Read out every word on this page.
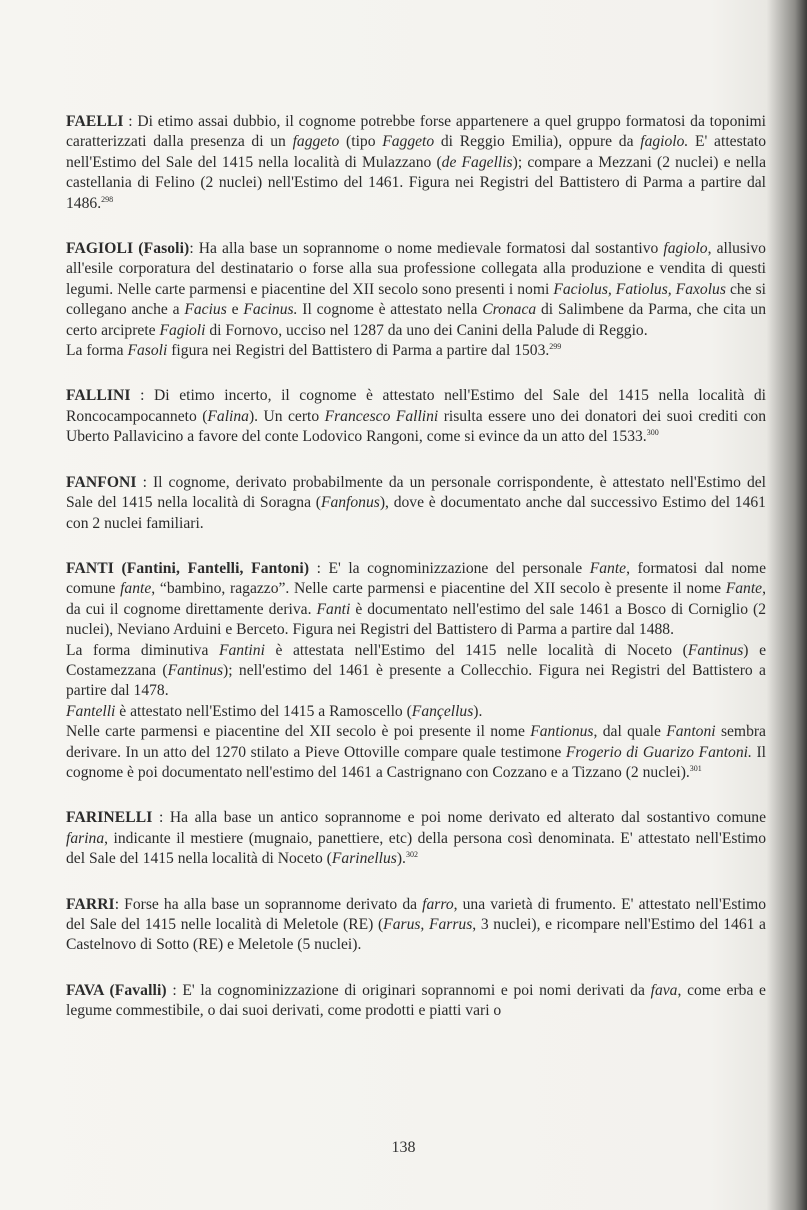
FAELLI : Di etimo assai dubbio, il cognome potrebbe forse appartenere a quel gruppo formatosi da toponimi caratterizzati dalla presenza di un faggeto (tipo Faggeto di Reggio Emilia), oppure da fagiolo. E' attestato nell'Estimo del Sale del 1415 nella località di Mulazzano (de Fagellis); compare a Mezzani (2 nuclei) e nella castellania di Felino (2 nuclei) nell'Estimo del 1461. Figura nei Registri del Battistero di Parma a partire dal 1486.$^{298}$

FAGIOLI (Fasoli): Ha alla base un soprannome o nome medievale formatosi dal sostantivo fagiolo, allusivo all'esile corporatura del destinatario o forse alla sua professione collegata alla produzione e vendita di questi legumi. Nelle carte parmensi e piacentine del XII secolo sono presenti i nomi Faciolus, Fatiolus, Faxolus che si collegano anche a Facius e Facinus. Il cognome è attestato nella Cronaca di Salimbene da Parma, che cita un certo arciprete Fagioli di Fornovo, ucciso nel 1287 da uno dei Canini della Palude di Reggio.

La forma Fasoli figura nei Registri del Battistero di Parma a partire dal 1503.$^{299}$

FALLINI : Di etimo incerto, il cognome è attestato nell'Estimo del Sale del 1415 nella località di Roncocampocanneto (Falina). Un certo Francesco Fallini risulta essere uno dei donatori dei suoi crediti con Uberto Pallavicino a favore del conte Lodovico Rangoni, come si evince da un atto del 1533.$^{300}$

FANFONI : Il cognome, derivato probabilmente da un personale corrispondente, è attestato nell'Estimo del Sale del 1415 nella località di Soragna (Fanfonus), dove è documentato anche dal successivo Estimo del 1461 con 2 nuclei familiari.

FANTI (Fantini, Fantelli, Fantoni) : E' la cognominizzazione del personale Fante, formatosi dal nome comune fante, “bambino, ragazzo”. Nelle carte parmensi e piacentine del XII secolo è presente il nome Fante, da cui il cognome direttamente deriva. Fanti è documentato nell'estimo del sale 1461 a Bosco di Corniglio (2 nuclei), Neviano Arduini e Berceto. Figura nei Registri del Battistero di Parma a partire dal 1488.

La forma diminutiva Fantini è attestata nell'Estimo del 1415 nelle località di Noceto (Fantinus) e Costamezzana (Fantinus); nell'estimo del 1461 è presente a Collecchio. Figura nei Registri del Battistero a partire dal 1478.

Fantelli è attestato nell'Estimo del 1415 a Ramoscello (Fançellus).

Nelle carte parmensi e piacentine del XII secolo è poi presente il nome Fantionus, dal quale Fantoni sembra derivare. In un atto del 1270 stilato a Pieve Ottoville compare quale testimone Frogerio di Guarizo Fantoni. Il cognome è poi documentato nell'estimo del 1461 a Castrignano con Cozzano e a Tizzano (2 nuclei).$^{301}$

FARINELLI : Ha alla base un antico soprannome e poi nome derivato ed alterato dal sostantivo comune farina, indicante il mestiere (mugnaio, panettiere, etc) della persona così denominata. E' attestato nell'Estimo del Sale del 1415 nella località di Noceto (Farinellus).$^{302}$

FARRI: Forse ha alla base un soprannome derivato da farro, una varietà di frumento. E' attestato nell'Estimo del Sale del 1415 nelle località di Meletole (RE) (Farus, Farrus, 3 nuclei), e ricompare nell'Estimo del 1461 a Castelnovo di Sotto (RE) e Meletole (5 nuclei).

FAVA (Favalli) : E' la cognominizzazione di originari soprannomi e poi nomi derivati da fava, come erba e legume commestibile, o dai suoi derivati, come prodotti e piatti vari o

138
